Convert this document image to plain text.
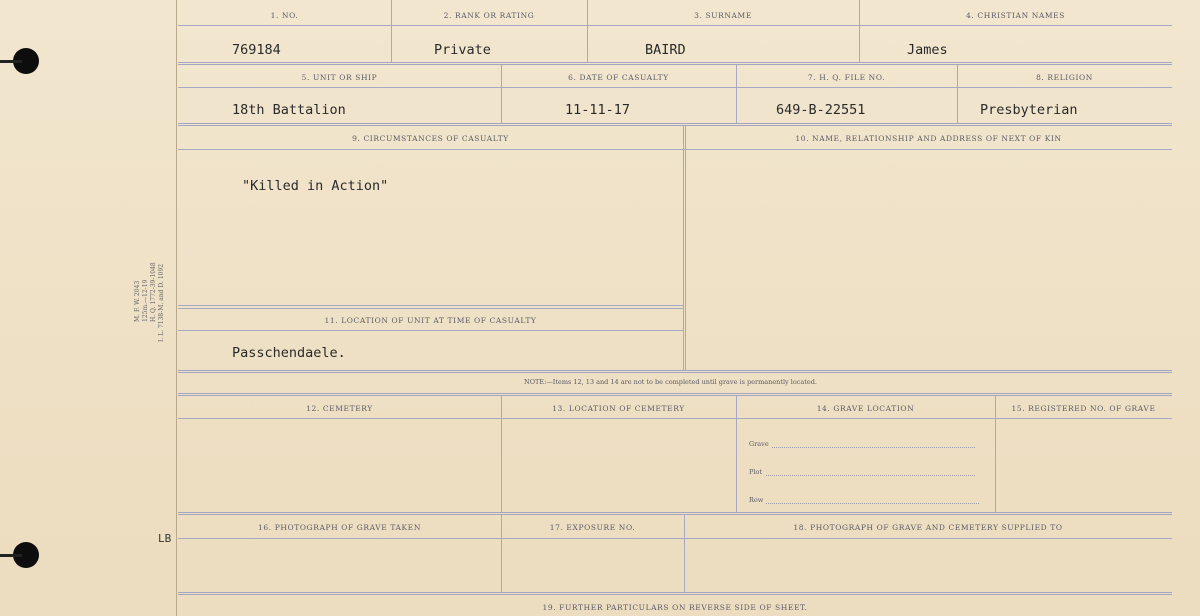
M. F. W. 2043 125m.—12-19 H. Q. 1772-39-1048 I. L. 7138-M. and D. 1092
LB
1. NO.	2. RANK OR RATING	3. SURNAME	4. CHRISTIAN NAMES
769184	Private	BAIRD	James
5. UNIT OR SHIP	6. DATE OF CASUALTY	7. H. Q. FILE NO.	8. RELIGION
18th Battalion	11-11-17	649-B-22551	Presbyterian
9. CIRCUMSTANCES OF CASUALTY	10. NAME, RELATIONSHIP AND ADDRESS OF NEXT OF KIN
11. LOCATION OF UNIT AT TIME OF CASUALTY
"Killed in Action"
Passchendaele.
NOTE:—Items 12, 13 and 14 are not to be completed until grave is permanently located.
12. CEMETERY	13. LOCATION OF CEMETERY	14. GRAVE LOCATION	15. REGISTERED NO. OF GRAVE
Grave
Plot
Row
16. PHOTOGRAPH OF GRAVE TAKEN	17. EXPOSURE NO.	18. PHOTOGRAPH OF GRAVE AND CEMETERY SUPPLIED TO
19. FURTHER PARTICULARS ON REVERSE SIDE OF SHEET.
